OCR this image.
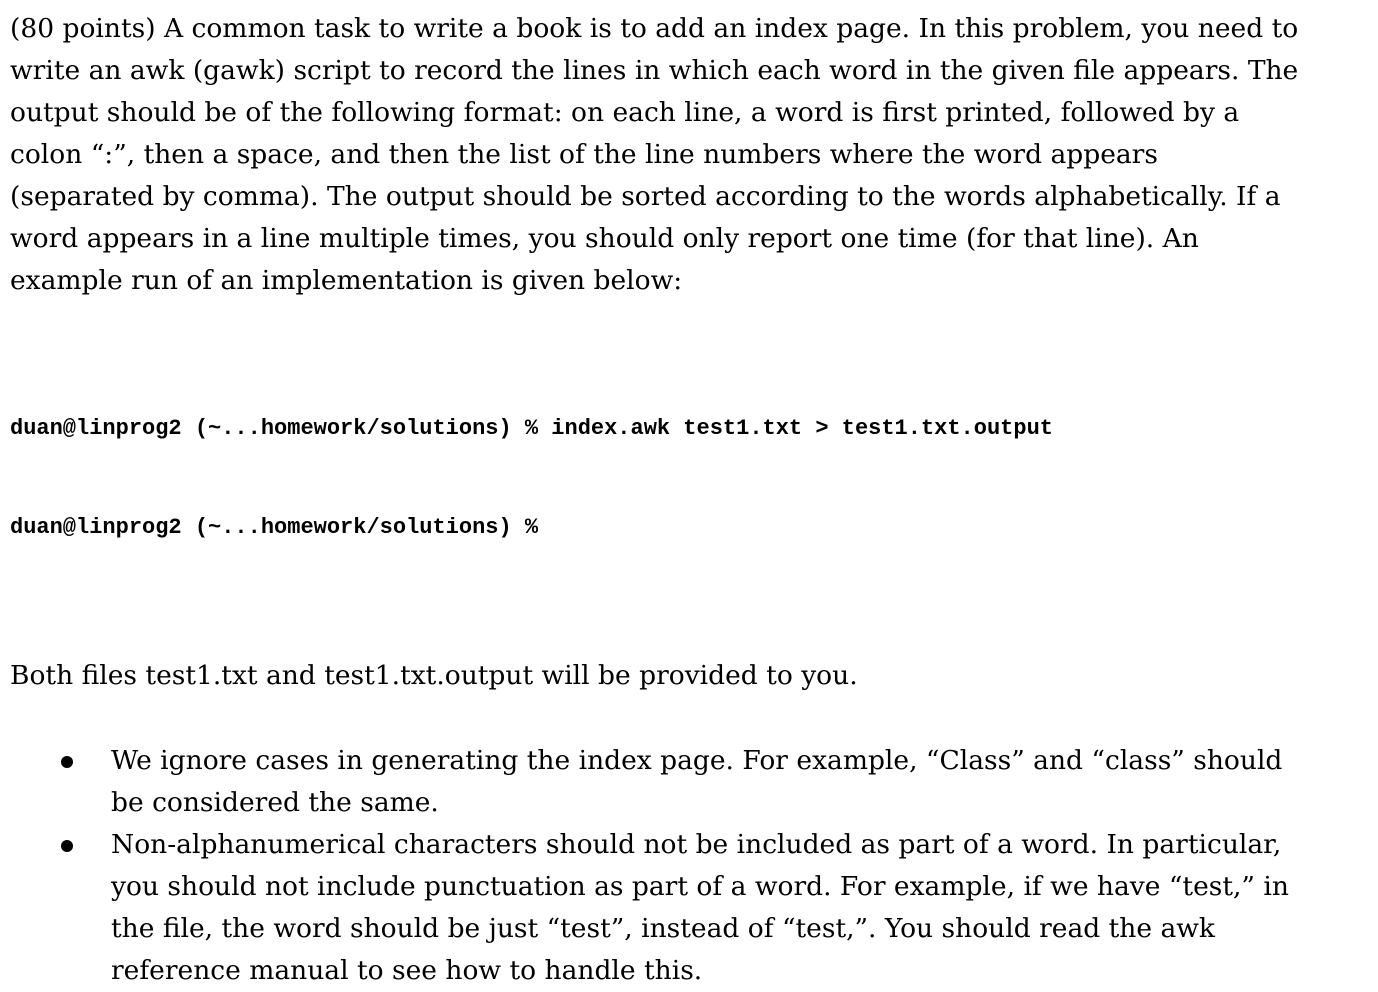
(80 points) A common task to write a book is to add an index page. In this problem, you need to write an awk (gawk) script to record the lines in which each word in the given file appears. The output should be of the following format: on each line, a word is first printed, followed by a colon “:”, then a space, and then the list of the line numbers where the word appears (separated by comma). The output should be sorted according to the words alphabetically. If a word appears in a line multiple times, you should only report one time (for that line). An example run of an implementation is given below:

duan@linprog2 (~...homework/solutions) % index.awk test1.txt > test1.txt.output

duan@linprog2 (~...homework/solutions) %

Both files test1.txt and test1.txt.output will be provided to you.

We ignore cases in generating the index page. For example, “Class” and “class” should be considered the same.
Non-alphanumerical characters should not be included as part of a word. In particular, you should not include punctuation as part of a word. For example, if we have “test,” in the file, the word should be just “test”, instead of “test,”. You should read the awk reference manual to see how to handle this.
